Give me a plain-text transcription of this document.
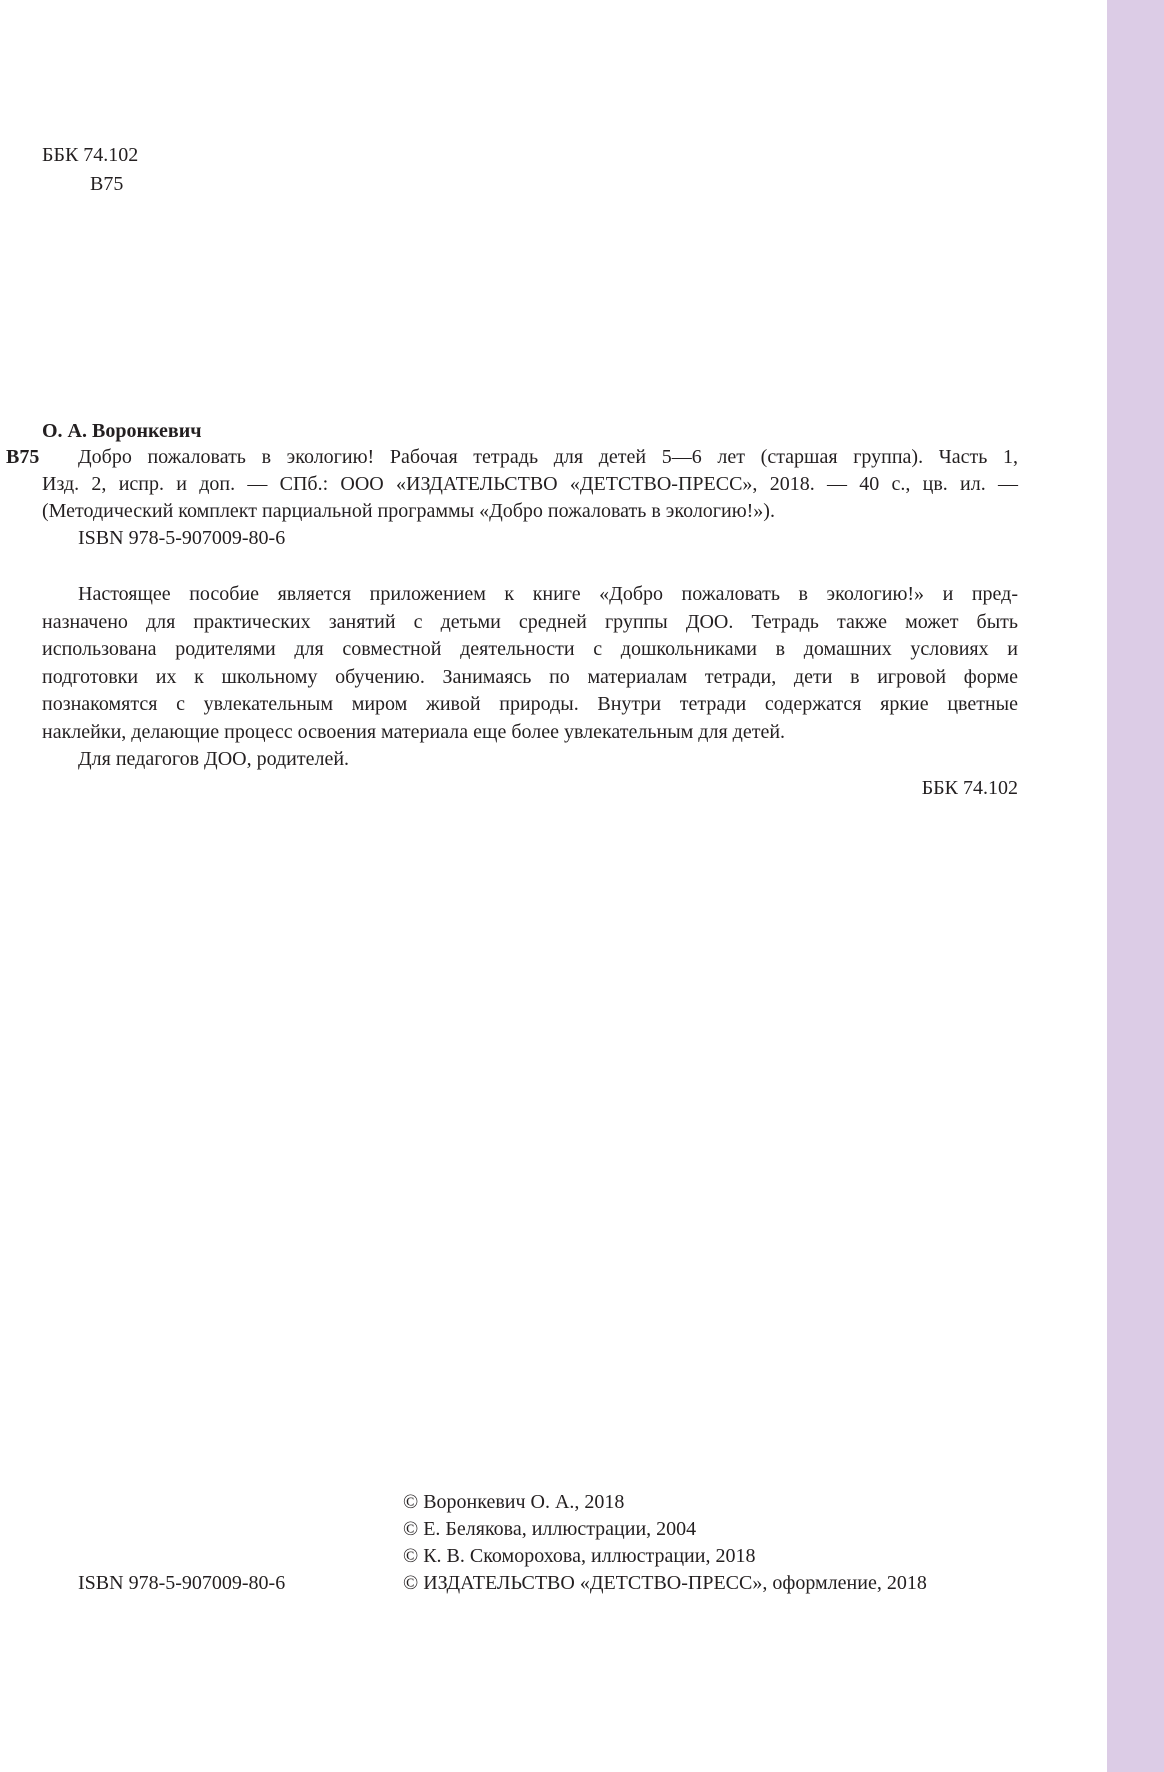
ББК 74.102
В75
О. А. Воронкевич
В75	Добро пожаловать в экологию! Рабочая тетрадь для детей 5—6 лет (старшая группа). Часть 1,
Изд. 2, испр. и доп. — СПб.: ООО «ИЗДАТЕЛЬСТВО «ДЕТСТВО-ПРЕСС», 2018. — 40 с., цв. ил. —
(Методический комплект парциальной программы «Добро пожаловать в экологию!»).
ISBN 978-5-907009-80-6
Настоящее пособие является приложением к книге «Добро пожаловать в экологию!» и пред-
назначено для практических занятий с детьми средней группы ДОО. Тетрадь также может быть
использована родителями для совместной деятельности с дошкольниками в домашних условиях и
подготовки их к школьному обучению. Занимаясь по материалам тетради, дети в игровой форме
познакомятся с увлекательным миром живой природы. Внутри тетради содержатся яркие цветные
наклейки, делающие процесс освоения материала еще более увлекательным для детей.
Для педагогов ДОО, родителей.
ББК 74.102
© Воронкевич О. А., 2018
© Е. Белякова, иллюстрации, 2004
© К. В. Скоморохова, иллюстрации, 2018
© ИЗДАТЕЛЬСТВО «ДЕТСТВО-ПРЕСС», оформление, 2018
ISBN 978-5-907009-80-6
